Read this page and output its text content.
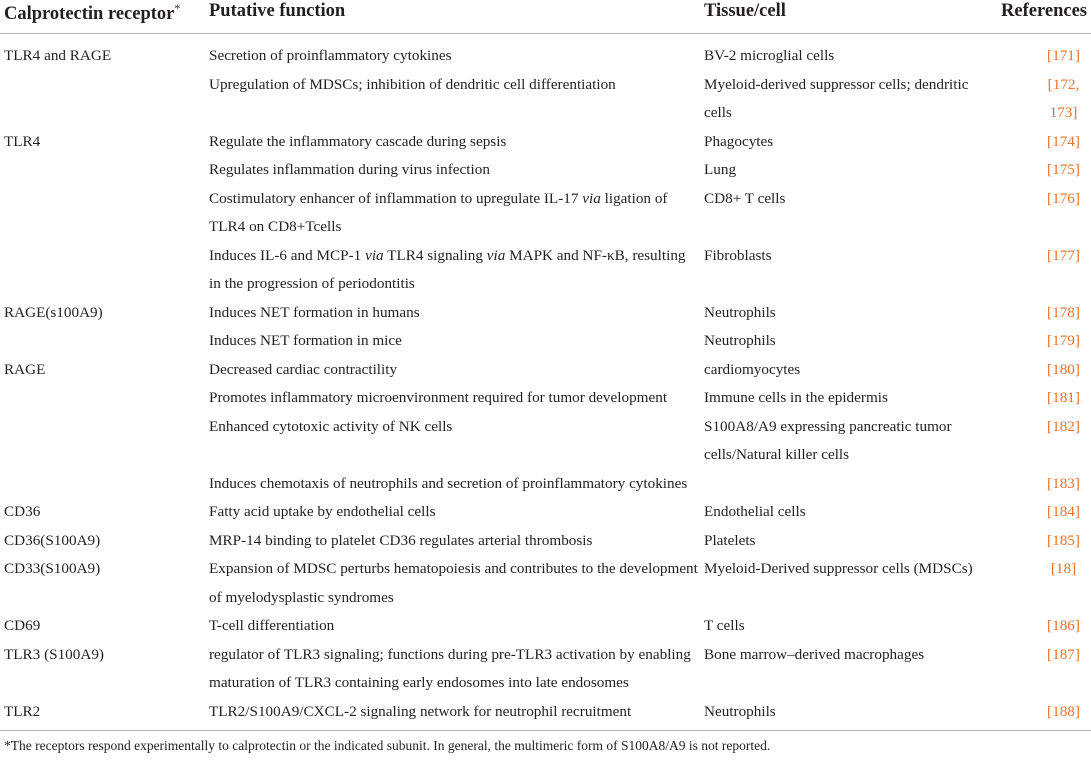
Calprotectin receptor*	Putative function	Tissue/cell	References

TLR4 and RAGE	Secretion of proinflammatory cytokines	BV-2 microglial cells	[171]
	Upregulation of MDSCs; inhibition of dendritic cell differentiation	Myeloid-derived suppressor cells; dendritic cells	[172, 173]
TLR4	Regulate the inflammatory cascade during sepsis	Phagocytes	[174]
	Regulates inflammation during virus infection	Lung	[175]
	Costimulatory enhancer of inflammation to upregulate IL-17 via ligation of TLR4 on CD8+Tcells	CD8+ T cells	[176]
	Induces IL-6 and MCP-1 via TLR4 signaling via MAPK and NF-κB, resulting in the progression of periodontitis	Fibroblasts	[177]
RAGE(s100A9)	Induces NET formation in humans	Neutrophils	[178]
	Induces NET formation in mice	Neutrophils	[179]
RAGE	Decreased cardiac contractility	cardiomyocytes	[180]
	Promotes inflammatory microenvironment required for tumor development	Immune cells in the epidermis	[181]
	Enhanced cytotoxic activity of NK cells	S100A8/A9 expressing pancreatic tumor cells/Natural killer cells	[182]
	Induces chemotaxis of neutrophils and secretion of proinflammatory cytokines		[183]
CD36	Fatty acid uptake by endothelial cells	Endothelial cells	[184]
CD36(S100A9)	MRP-14 binding to platelet CD36 regulates arterial thrombosis	Platelets	[185]
CD33(S100A9)	Expansion of MDSC perturbs hematopoiesis and contributes to the development of myelodysplastic syndromes	Myeloid-Derived suppressor cells (MDSCs)	[18]
CD69	T-cell differentiation	T cells	[186]
TLR3 (S100A9)	regulator of TLR3 signaling; functions during pre-TLR3 activation by enabling maturation of TLR3 containing early endosomes into late endosomes	Bone marrow–derived macrophages	[187]
TLR2	TLR2/S100A9/CXCL-2 signaling network for neutrophil recruitment	Neutrophils	[188]
*The receptors respond experimentally to calprotectin or the indicated subunit. In general, the multimeric form of S100A8/A9 is not reported.
